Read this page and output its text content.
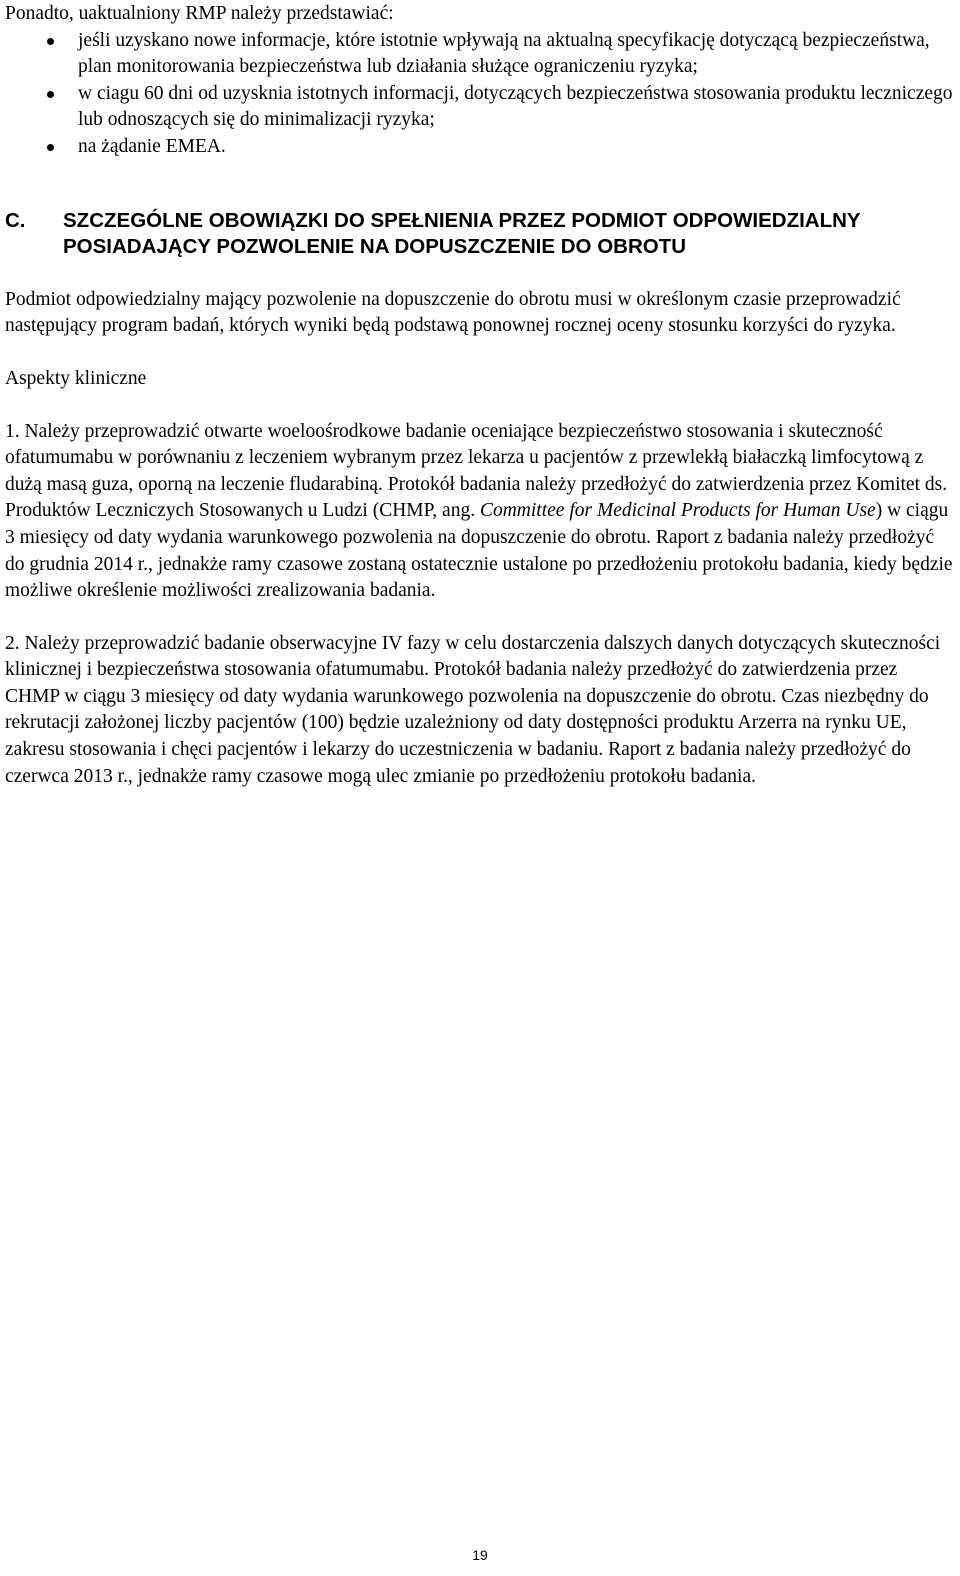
Ponadto, uaktualniony RMP należy przedstawiać:

jeśli uzyskano nowe informacje, które istotnie wpływają na aktualną specyfikację dotyczącą bezpieczeństwa, plan monitorowania bezpieczeństwa lub działania służące ograniczeniu ryzyka;
w ciagu 60 dni od uzysknia istotnych informacji, dotyczących bezpieczeństwa stosowania produktu leczniczego lub odnoszących się do minimalizacji ryzyka;
na żądanie EMEA.
C. SZCZEGÓLNE OBOWIĄZKI DO SPEŁNIENIA PRZEZ PODMIOT ODPOWIEDZIALNY POSIADAJĄCY POZWOLENIE NA DOPUSZCZENIE DO OBROTU

Podmiot odpowiedzialny mający pozwolenie na dopuszczenie do obrotu musi w określonym czasie przeprowadzić następujący program badań, których wyniki będą podstawą ponownej rocznej oceny stosunku korzyści do ryzyka.

Aspekty kliniczne

1. Należy przeprowadzić otwarte woeloośrodkowe badanie oceniające bezpieczeństwo stosowania i skuteczność ofatumumabu w porównaniu z leczeniem wybranym przez lekarza u pacjentów z przewlekłą białaczką limfocytową z dużą masą guza, oporną na leczenie fludarabiną. Protokół badania należy przedłożyć do zatwierdzenia przez Komitet ds. Produktów Leczniczych Stosowanych u Ludzi (CHMP, ang. Committee for Medicinal Products for Human Use) w ciągu 3 miesięcy od daty wydania warunkowego pozwolenia na dopuszczenie do obrotu. Raport z badania należy przedłożyć do grudnia 2014 r., jednakże ramy czasowe zostaną ostatecznie ustalone po przedłożeniu protokołu badania, kiedy będzie możliwe określenie możliwości zrealizowania badania.

2. Należy przeprowadzić badanie obserwacyjne IV fazy w celu dostarczenia dalszych danych dotyczących skuteczności klinicznej i bezpieczeństwa stosowania ofatumumabu. Protokół badania należy przedłożyć do zatwierdzenia przez CHMP w ciągu 3 miesięcy od daty wydania warunkowego pozwolenia na dopuszczenie do obrotu. Czas niezbędny do rekrutacji założonej liczby pacjentów (100) będzie uzależniony od daty dostępności produktu Arzerra na rynku UE, zakresu stosowania i chęci pacjentów i lekarzy do uczestniczenia w badaniu. Raport z badania należy przedłożyć do czerwca 2013 r., jednakże ramy czasowe mogą ulec zmianie po przedłożeniu protokołu badania.

19
